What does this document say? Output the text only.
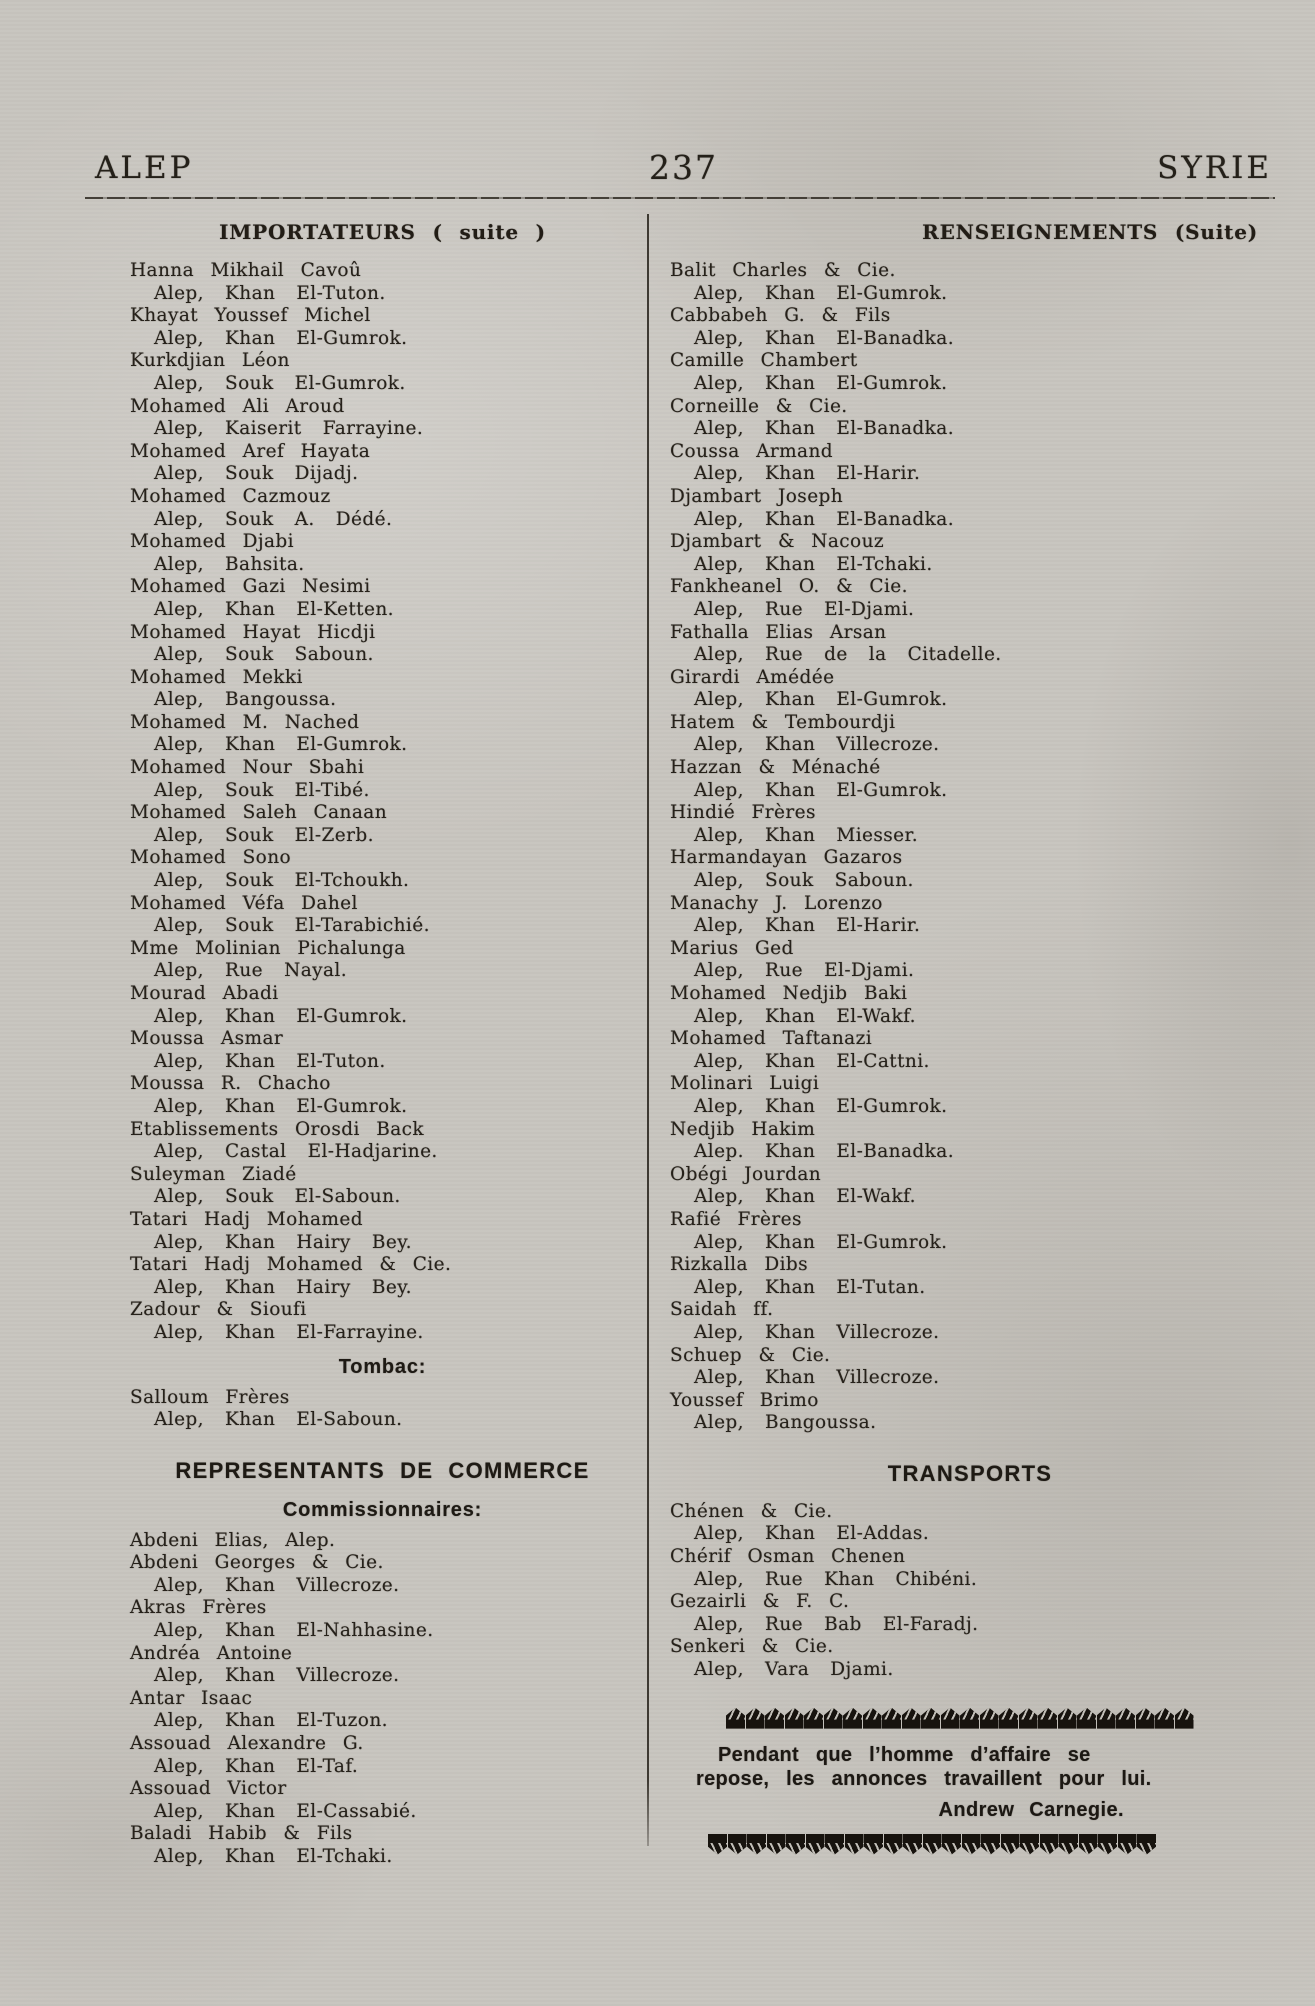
ALEP	237	SYRIE
IMPORTATEURS ( suite )
Hanna Mikhail Cavoû
Alep, Khan El-Tuton.
Khayat Youssef Michel
Alep, Khan El-Gumrok.
Kurkdjian Léon
Alep, Souk El-Gumrok.
Mohamed Ali Aroud
Alep, Kaiserit Farrayine.
Mohamed Aref Hayata
Alep, Souk Dijadj.
Mohamed Cazmouz
Alep, Souk A. Dédé.
Mohamed Djabi
Alep, Bahsita.
Mohamed Gazi Nesimi
Alep, Khan El-Ketten.
Mohamed Hayat Hicdji
Alep, Souk Saboun.
Mohamed Mekki
Alep, Bangoussa.
Mohamed M. Nached
Alep, Khan El-Gumrok.
Mohamed Nour Sbahi
Alep, Souk El-Tibé.
Mohamed Saleh Canaan
Alep, Souk El-Zerb.
Mohamed Sono
Alep, Souk El-Tchoukh.
Mohamed Véfa Dahel
Alep, Souk El-Tarabichié.
Mme Molinian Pichalunga
Alep, Rue Nayal.
Mourad Abadi
Alep, Khan El-Gumrok.
Moussa Asmar
Alep, Khan El-Tuton.
Moussa R. Chacho
Alep, Khan El-Gumrok.
Etablissements Orosdi Back
Alep, Castal El-Hadjarine.
Suleyman Ziadé
Alep, Souk El-Saboun.
Tatari Hadj Mohamed
Alep, Khan Hairy Bey.
Tatari Hadj Mohamed & Cie.
Alep, Khan Hairy Bey.
Zadour & Sioufi
Alep, Khan El-Farrayine.
Tombac:
Salloum Frères
Alep, Khan El-Saboun.
REPRESENTANTS DE COMMERCE
Commissionnaires:
Abdeni Elias, Alep.
Abdeni Georges & Cie.
Alep, Khan Villecroze.
Akras Frères
Alep, Khan El-Nahhasine.
Andréa Antoine
Alep, Khan Villecroze.
Antar Isaac
Alep, Khan El-Tuzon.
Assouad Alexandre G.
Alep, Khan El-Taf.
Assouad Victor
Alep, Khan El-Cassabié.
Baladi Habib & Fils
Alep, Khan El-Tchaki.
RENSEIGNEMENTS (Suite)
Balit Charles & Cie.
Alep, Khan El-Gumrok.
Cabbabeh G. & Fils
Alep, Khan El-Banadka.
Camille Chambert
Alep, Khan El-Gumrok.
Corneille & Cie.
Alep, Khan El-Banadka.
Coussa Armand
Alep, Khan El-Harir.
Djambart Joseph
Alep, Khan El-Banadka.
Djambart & Nacouz
Alep, Khan El-Tchaki.
Fankheanel O. & Cie.
Alep, Rue El-Djami.
Fathalla Elias Arsan
Alep, Rue de la Citadelle.
Girardi Amédée
Alep, Khan El-Gumrok.
Hatem & Tembourdji
Alep, Khan Villecroze.
Hazzan & Ménaché
Alep, Khan El-Gumrok.
Hindié Frères
Alep, Khan Miesser.
Harmandayan Gazaros
Alep, Souk Saboun.
Manachy J. Lorenzo
Alep, Khan El-Harir.
Marius Ged
Alep, Rue El-Djami.
Mohamed Nedjib Baki
Alep, Khan El-Wakf.
Mohamed Taftanazi
Alep, Khan El-Cattni.
Molinari Luigi
Alep, Khan El-Gumrok.
Nedjib Hakim
Alep. Khan El-Banadka.
Obégi Jourdan
Alep, Khan El-Wakf.
Rafié Frères
Alep, Khan El-Gumrok.
Rizkalla Dibs
Alep, Khan El-Tutan.
Saidah ff.
Alep, Khan Villecroze.
Schuep & Cie.
Alep, Khan Villecroze.
Youssef Brimo
Alep, Bangoussa.
TRANSPORTS
Chénen & Cie.
Alep, Khan El-Addas.
Chérif Osman Chenen
Alep, Rue Khan Chibéni.
Gezairli & F. C.
Alep, Rue Bab El-Faradj.
Senkeri & Cie.
Alep, Vara Djami.

Pendant que l’homme d’affaire se repose, les annonces travaillent pour lui.

Andrew Carnegie.
